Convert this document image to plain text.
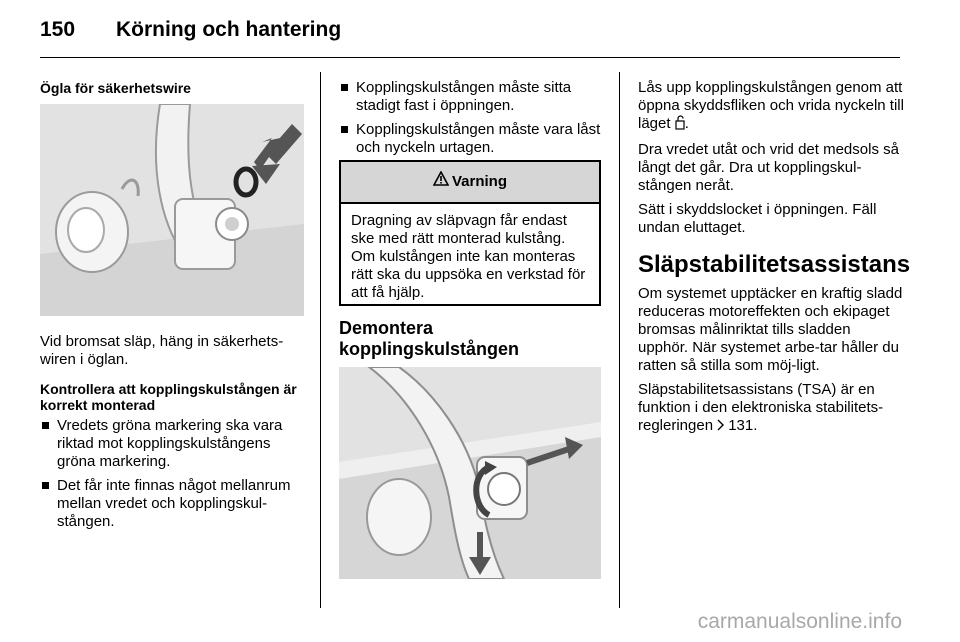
150 Körning och hantering
Ögla för säkerhetswire

Vid bromsat släp, häng in säkerhets-wiren i öglan.

Kontrollera att kopplingskulstången är korrekt monterad
Vredets gröna markering ska vara riktad mot kopplingskulstångens gröna markering.
Det får inte finnas något mellanrum mellan vredet och kopplingskul-stången.
Kopplingskulstången måste sitta stadigt fast i öppningen.
Kopplingskulstången måste vara låst och nyckeln urtagen.
Varning
Dragning av släpvagn får endast ske med rätt monterad kulstång. Om kulstången inte kan monteras rätt ska du uppsöka en verkstad för att få hjälp.
Demontera kopplingskulstången

Lås upp kopplingskulstången genom att öppna skyddsfliken och vrida nyckeln till läget .

Dra vredet utåt och vrid det medsols så långt det går. Dra ut kopplingskul-stången neråt.

Sätt i skyddslocket i öppningen. Fäll undan eluttaget.

Släpstabilitetsassistans

Om systemet upptäcker en kraftig sladd reduceras motoreffekten och ekipaget bromsas målinriktat tills sladden upphör. När systemet arbe-tar håller du ratten så stilla som möj-ligt.

Släpstabilitetsassistans (TSA) är en funktion i den elektroniska stabilitets-regleringen 131.

carmanualsonline.info
